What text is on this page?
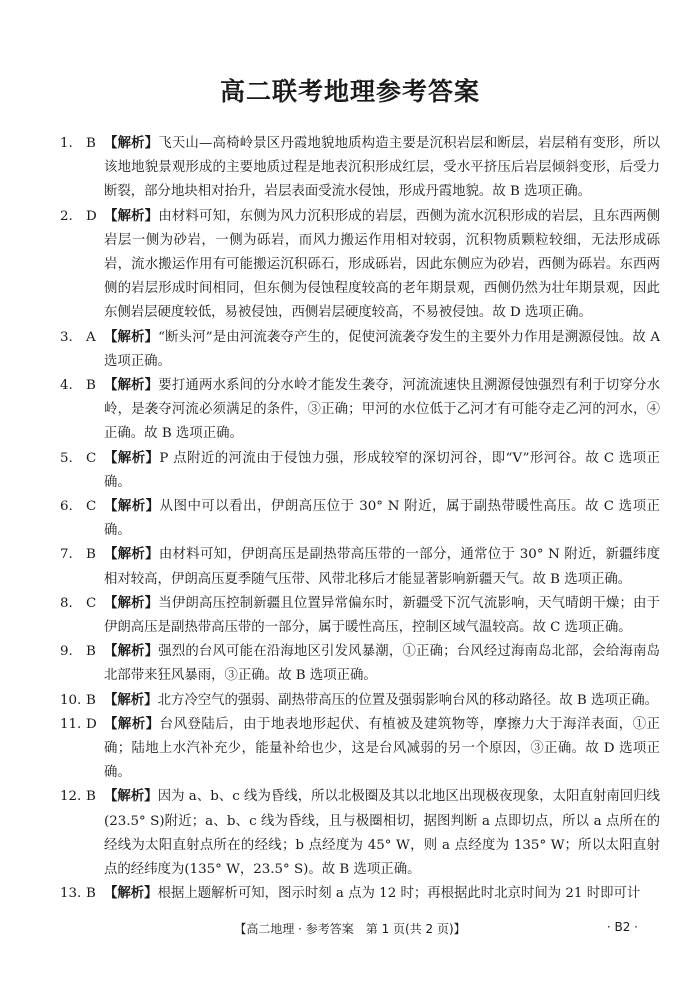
高二联考地理参考答案
1. B 【解析】飞天山—高椅岭景区丹霞地貌地质构造主要是沉积岩层和断层，岩层稍有变形，所以该地地貌景观形成的主要地质过程是地表沉积形成红层，受水平挤压后岩层倾斜变形，后受力断裂，部分地块相对抬升，岩层表面受流水侵蚀，形成丹霞地貌。故 B 选项正确。
2. D 【解析】由材料可知，东侧为风力沉积形成的岩层，西侧为流水沉积形成的岩层，且东西两侧岩层一侧为砂岩，一侧为砾岩，而风力搬运作用相对较弱，沉积物质颗粒较细，无法形成砾岩，流水搬运作用有可能搬运沉积砾石，形成砾岩，因此东侧应为砂岩，西侧为砾岩。东西两侧的岩层形成时间相同，但东侧为侵蚀程度较高的老年期景观，西侧仍然为壮年期景观，因此东侧岩层硬度较低，易被侵蚀，西侧岩层硬度较高，不易被侵蚀。故 D 选项正确。
3. A 【解析】“断头河”是由河流袭夺产生的，促使河流袭夺发生的主要外力作用是溯源侵蚀。故 A 选项正确。
4. B 【解析】要打通两水系间的分水岭才能发生袭夺，河流流速快且溯源侵蚀强烈有利于切穿分水岭，是袭夺河流必须满足的条件，③正确；甲河的水位低于乙河才有可能夺走乙河的河水，④正确。故 B 选项正确。
5. C 【解析】P 点附近的河流由于侵蚀力强，形成较窄的深切河谷，即“V”形河谷。故 C 选项正确。
6. C 【解析】从图中可以看出，伊朗高压位于 30° N 附近，属于副热带暖性高压。故 C 选项正确。
7. B 【解析】由材料可知，伊朗高压是副热带高压带的一部分，通常位于 30° N 附近，新疆纬度相对较高，伊朗高压夏季随气压带、风带北移后才能显著影响新疆天气。故 B 选项正确。
8. C 【解析】当伊朗高压控制新疆且位置异常偏东时，新疆受下沉气流影响，天气晴朗干燥；由于伊朗高压是副热带高压带的一部分，属于暖性高压，控制区域气温较高。故 C 选项正确。
9. B 【解析】强烈的台风可能在沿海地区引发风暴潮，①正确；台风经过海南岛北部，会给海南岛北部带来狂风暴雨，③正确。故 B 选项正确。
10. B 【解析】北方冷空气的强弱、副热带高压的位置及强弱影响台风的移动路径。故 B 选项正确。
11. D 【解析】台风登陆后，由于地表地形起伏、有植被及建筑物等，摩擦力大于海洋表面，①正确；陆地上水汽补充少，能量补给也少，这是台风减弱的另一个原因，③正确。故 D 选项正确。
12. B 【解析】因为 a、b、c 线为昏线，所以北极圈及其以北地区出现极夜现象，太阳直射南回归线(23.5° S)附近；a、b、c 线为昏线，且与极圈相切，据图判断 a 点即切点，所以 a 点所在的经线为太阳直射点所在的经线；b 点经度为 45° W，则 a 点经度为 135° W；所以太阳直射点的经纬度为(135° W，23.5° S)。故 B 选项正确。
13. B 【解析】根据上题解析可知，图示时刻 a 点为 12 时；再根据此时北京时间为 21 时即可计
【高二地理 · 参考答案　第 1 页(共 2 页)】	· B2 ·
